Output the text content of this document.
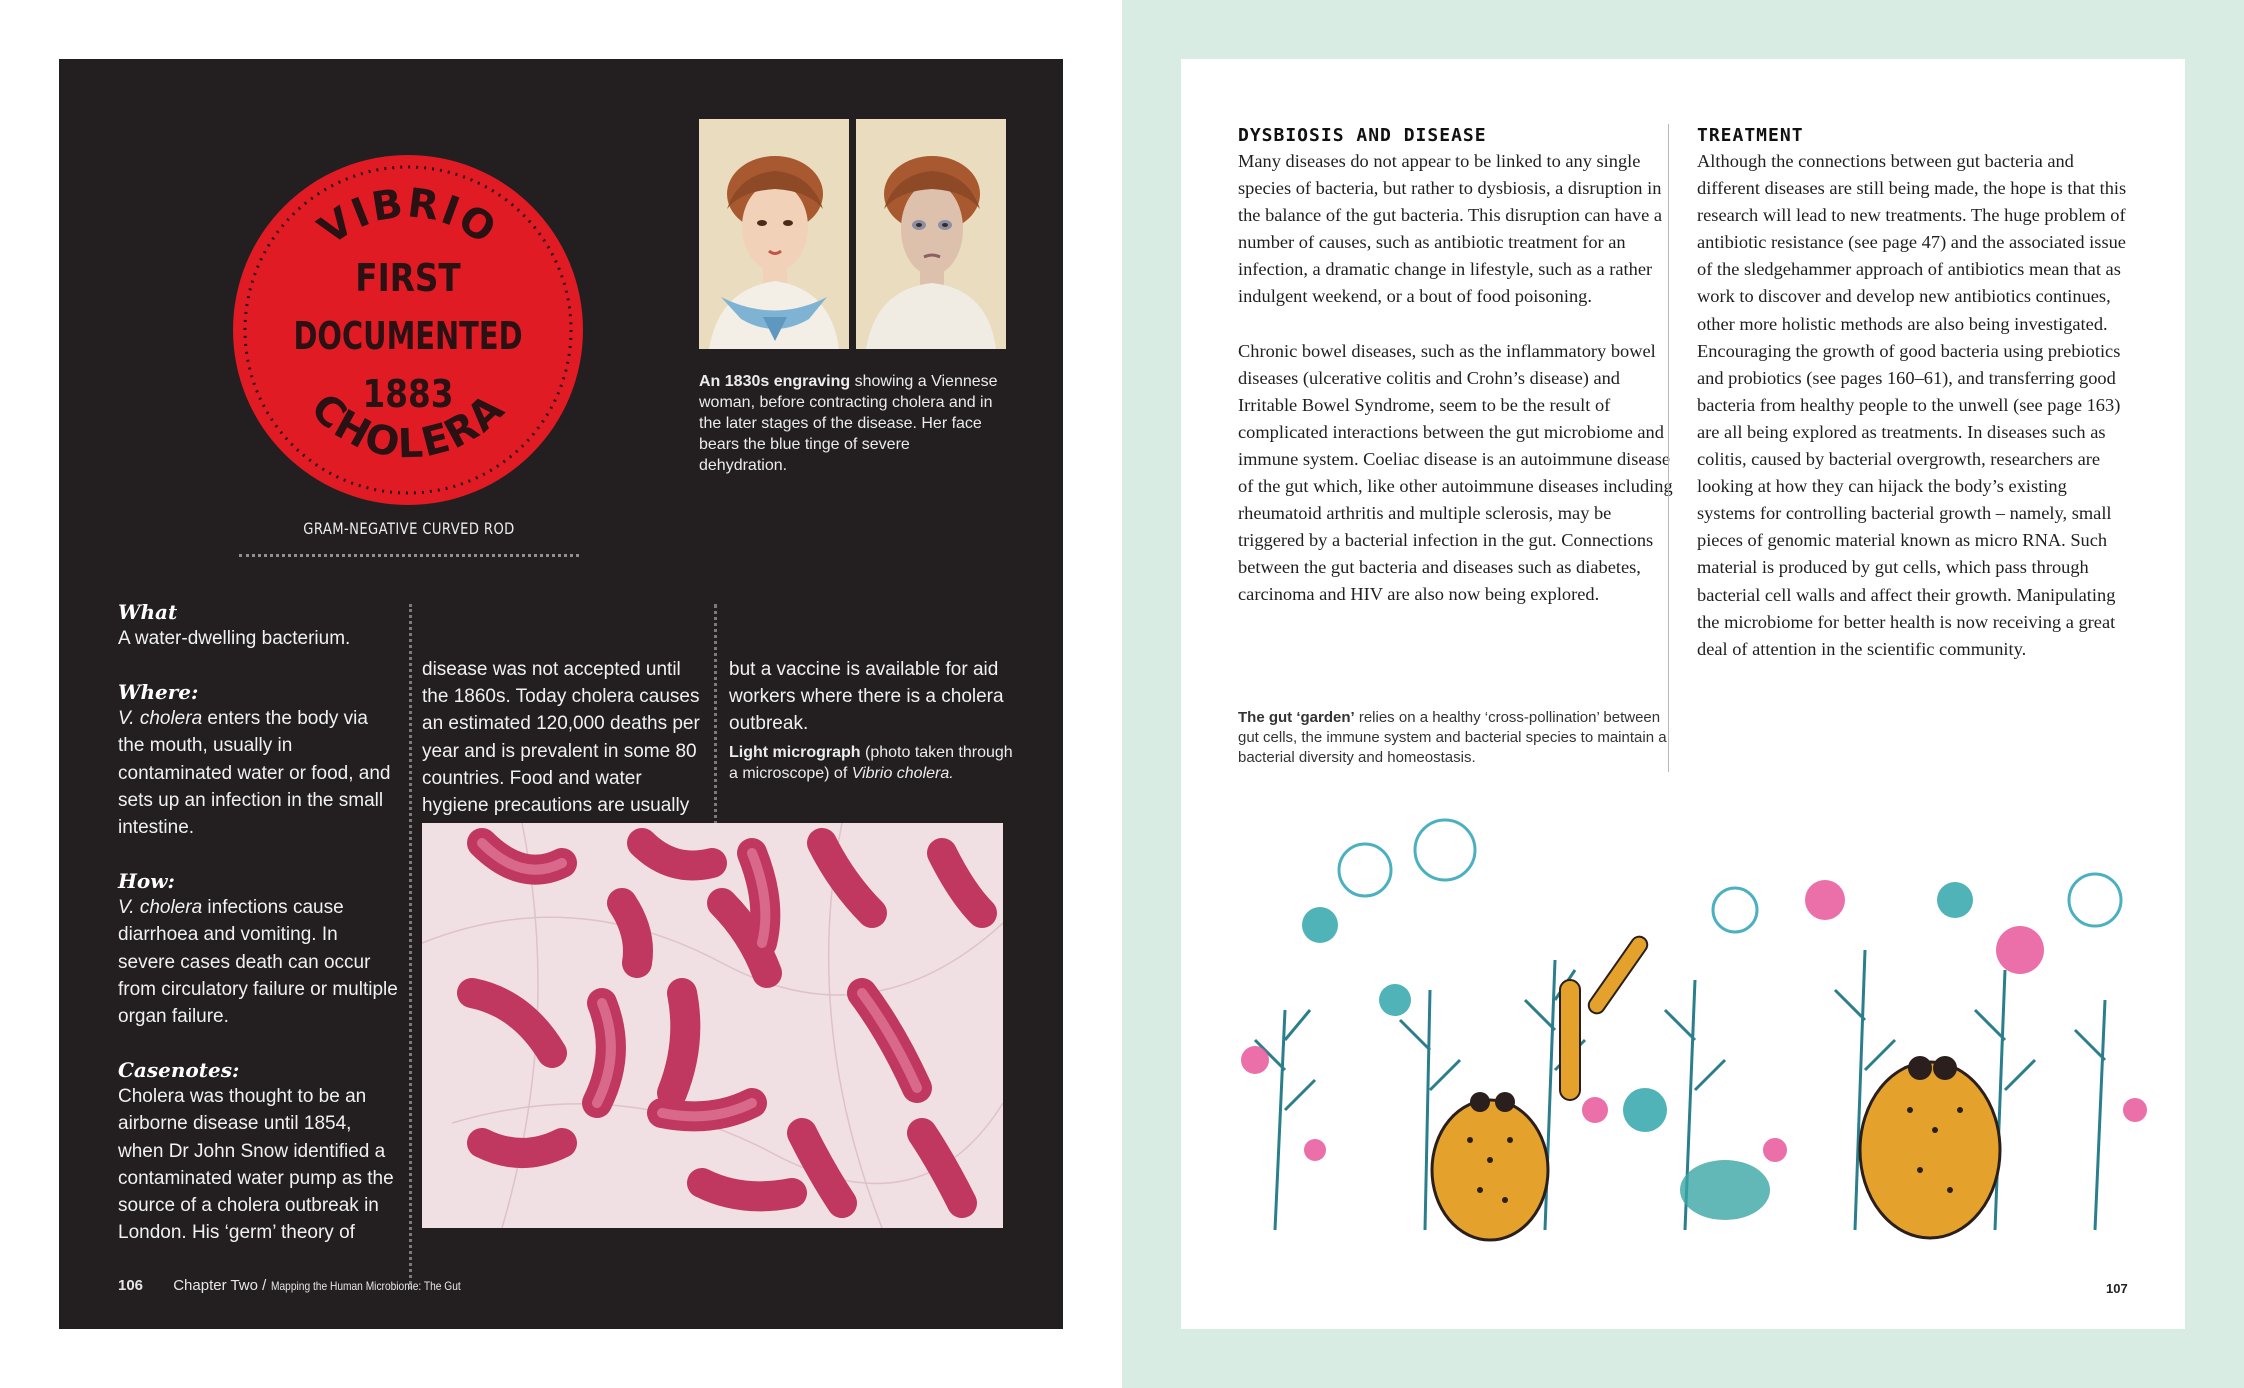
VIBRIO
CHOLERA
FIRST
DOCUMENTED
1883	An 1830s engraving showing a Viennese woman, before contracting cholera and in the later stages of the disease. Her face bears the blue tinge of severe dehydration.
GRAM-NEGATIVE CURVED ROD
What

A water-dwelling bacterium.

Where:

V. cholera enters the body via the mouth, usually in contaminated water or food, and sets up an infection in the small intestine.

How:

V. cholera infections cause diarrhoea and vomiting. In severe cases death can occur from circulatory failure or multiple organ failure.

Casenotes:

Cholera was thought to be an airborne disease until 1854, when Dr John Snow identified a contaminated water pump as the source of a cholera outbreak in London. His ‘germ’ theory of

disease was not accepted until the 1860s. Today cholera causes an estimated 120,000 deaths per year and is prevalent in some 80 countries. Food and water hygiene precautions are usually
but a vaccine is available for aid workers where there is a cholera outbreak.
Light micrograph (photo taken through a microscope) of Vibrio cholera.
106 Chapter Two / Mapping the Human Microbiome: The Gut
DYSBIOSIS AND DISEASE

Many diseases do not appear to be linked to any single species of bacteria, but rather to dysbiosis, a disruption in the balance of the gut bacteria. This disruption can have a number of causes, such as antibiotic treatment for an infection, a dramatic change in lifestyle, such as a rather indulgent weekend, or a bout of food poisoning.

Chronic bowel diseases, such as the inflammatory bowel diseases (ulcerative colitis and Crohn’s disease) and Irritable Bowel Syndrome, seem to be the result of complicated interactions between the gut microbiome and immune system. Coeliac disease is an autoimmune disease of the gut which, like other autoimmune diseases including rheumatoid arthritis and multiple sclerosis, may be triggered by a bacterial infection in the gut. Connections between the gut bacteria and diseases such as diabetes, carcinoma and HIV are also now being explored.

TREATMENT

Although the connections between gut bacteria and different diseases are still being made, the hope is that this research will lead to new treatments. The huge problem of antibiotic resistance (see page 47) and the associated issue of the sledgehammer approach of antibiotics mean that as work to discover and develop new antibiotics continues, other more holistic methods are also being investigated. Encouraging the growth of good bacteria using prebiotics and probiotics (see pages 160–61), and transferring good bacteria from healthy people to the unwell (see page 163) are all being explored as treatments. In diseases such as colitis, caused by bacterial overgrowth, researchers are looking at how they can hijack the body’s existing systems for controlling bacterial growth – namely, small pieces of genomic material known as micro RNA. Such material is produced by gut cells, which pass through bacterial cell walls and affect their growth. Manipulating the microbiome for better health is now receiving a great deal of attention in the scientific community.

The gut ‘garden’ relies on a healthy ‘cross-pollination’ between gut cells, the immune system and bacterial species to maintain a bacterial diversity and homeostasis.
107
